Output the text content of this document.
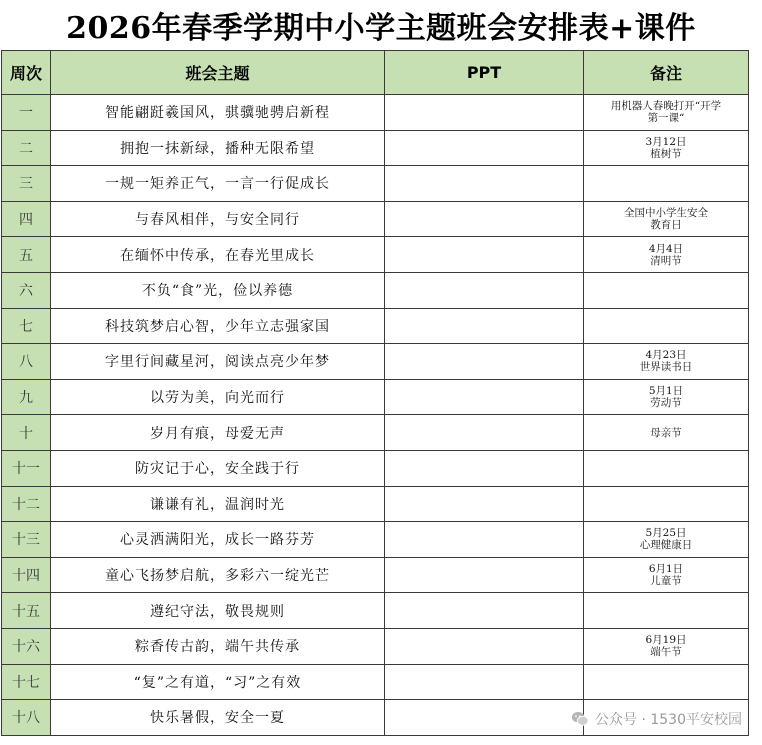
2026年春季学期中小学主题班会安排表+课件
周次	班会主题	PPT	备注
一	智能翩跹羲国风，骐骥驰骋启新程		用机器人春晚打开“开学
第一课“

二	拥抱一抹新绿，播种无限希望		3月12日
植树节

三	一规一矩养正气，一言一行促成长		
四	与春风相伴，与安全同行		全国中小学生安全
教育日

五	在缅怀中传承，在春光里成长		4月4日
清明节

六	不负“食”光，俭以养德		
七	科技筑梦启心智，少年立志强家国		
八	字里行间藏星河，阅读点亮少年梦		4月23日
世界读书日

九	以劳为美，向光而行		5月1日
劳动节

十	岁月有痕，母爱无声		母亲节

十一	防灾记于心，安全践于行		
十二	谦谦有礼，温润时光		
十三	心灵洒满阳光，成长一路芬芳		5月25日
心理健康日

十四	童心飞扬梦启航，多彩六一绽光芒		6月1日
儿童节

十五	遵纪守法，敬畏规则		
十六	粽香传古韵，端午共传承		6月19日
端午节

十七	“复”之有道，“习”之有效		
十八	快乐暑假，安全一夏			公众号 · 1530平安校园
